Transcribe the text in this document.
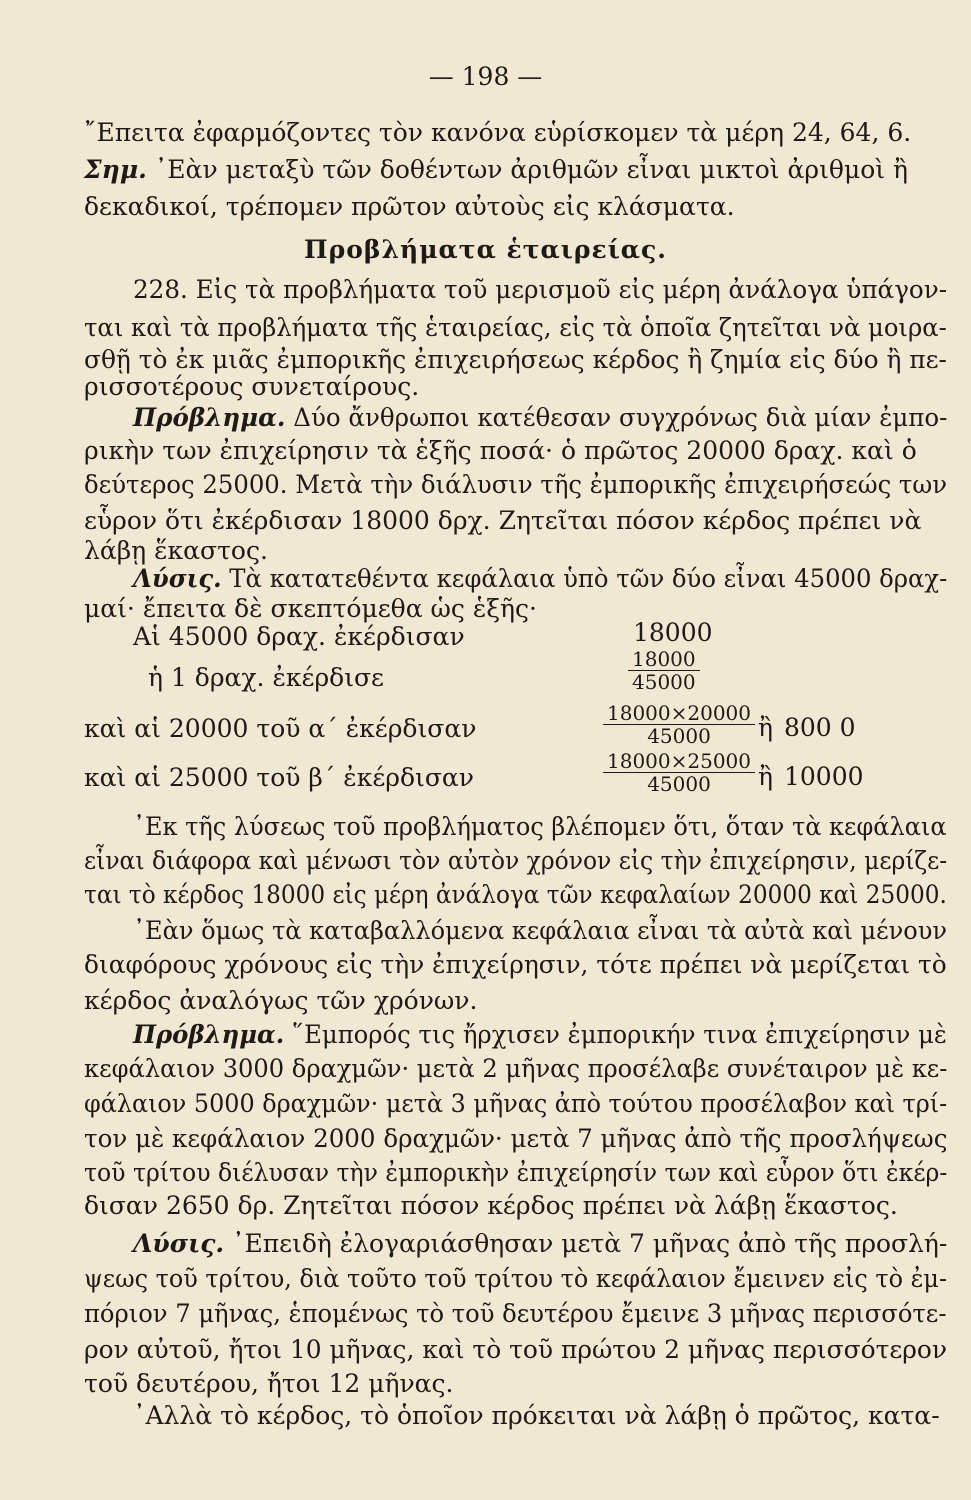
— 198 —
῎Επειτα ἐφαρμόζοντες τὸν κανόνα εὑρίσκομεν τὰ μέρη 24, 64, 6.
Σημ. ᾿Εὰν μεταξὺ τῶν δοθέντων ἀριθμῶν εἶναι μικτοὶ ἀριθμοὶ ἢ
δεκαδικοί, τρέπομεν πρῶτον αὐτοὺς εἰς κλάσματα.
Προβλήματα ἑταιρείας.
228. Εἰς τὰ προβλήματα τοῦ μερισμοῦ εἰς μέρη ἀνάλογα ὑπάγον-
ται καὶ τὰ προβλήματα τῆς ἑταιρείας, εἰς τὰ ὁποῖα ζητεῖται νὰ μοιρα-
σθῇ τὸ ἐκ μιᾶς ἐμπορικῆς ἐπιχειρήσεως κέρδος ἢ ζημία εἰς δύο ἢ πε-
ρισσοτέρους συνεταίρους.
Πρόβλημα. Δύο ἄνθρωποι κατέθεσαν συγχρόνως διὰ μίαν ἐμπο-
ρικὴν των ἐπιχείρησιν τὰ ἑξῆς ποσά· ὁ πρῶτος 20000 δραχ. καὶ ὁ
δεύτερος 25000. Μετὰ τὴν διάλυσιν τῆς ἐμπορικῆς ἐπιχειρήσεώς των
εὗρον ὅτι ἐκέρδισαν 18000 δρχ. Ζητεῖται πόσον κέρδος πρέπει νὰ
λάβῃ ἕκαστος.
Λύσις. Τὰ κατατεθέντα κεφάλαια ὑπὸ τῶν δύο εἶναι 45000 δραχ-
μαί· ἔπειτα δὲ σκεπτόμεθα ὡς ἑξῆς·
Αἱ 45000 δραχ. ἐκέρδισαν	18000
ἡ 1 δραχ. ἐκέρδισε	$\frac{18000}{45000}$
καὶ αἱ 20000 τοῦ α΄ ἐκέρδισαν	$\frac{18000\times 20000}{45000}$ ἢ 800 0
καὶ αἱ 25000 τοῦ β΄ ἐκέρδισαν	$\frac{18000\times 25000}{45000}$ ἢ 10000
᾿Εκ τῆς λύσεως τοῦ προβλήματος βλέπομεν ὅτι, ὅταν τὰ κεφάλαια
εἶναι διάφορα καὶ μένωσι τὸν αὐτὸν χρόνον εἰς τὴν ἐπιχείρησιν, μερίζε-
ται τὸ κέρδος 18000 εἰς μέρη ἀνάλογα τῶν κεφαλαίων 20000 καὶ 25000.
᾿Εὰν ὅμως τὰ καταβαλλόμενα κεφάλαια εἶναι τὰ αὐτὰ καὶ μένουν
διαφόρους χρόνους εἰς τὴν ἐπιχείρησιν, τότε πρέπει νὰ μερίζεται τὸ
κέρδος ἀναλόγως τῶν χρόνων.
Πρόβλημα. ῞Εμπορός τις ἤρχισεν ἐμπορικήν τινα ἐπιχείρησιν μὲ
κεφάλαιον 3000 δραχμῶν· μετὰ 2 μῆνας προσέλαβε συνέταιρον μὲ κε-
φάλαιον 5000 δραχμῶν· μετὰ 3 μῆνας ἀπὸ τούτου προσέλαβον καὶ τρί-
τον μὲ κεφάλαιον 2000 δραχμῶν· μετὰ 7 μῆνας ἀπὸ τῆς προσλήψεως
τοῦ τρίτου διέλυσαν τὴν ἐμπορικὴν ἐπιχείρησίν των καὶ εὗρον ὅτι ἐκέρ-
δισαν 2650 δρ. Ζητεῖται πόσον κέρδος πρέπει νὰ λάβῃ ἕκαστος.
Λύσις. ᾿Επειδὴ ἐλογαριάσθησαν μετὰ 7 μῆνας ἀπὸ τῆς προσλή-
ψεως τοῦ τρίτου, διὰ τοῦτο τοῦ τρίτου τὸ κεφάλαιον ἔμεινεν εἰς τὸ ἐμ-
πόριον 7 μῆνας, ἑπομένως τὸ τοῦ δευτέρου ἔμεινε 3 μῆνας περισσότε-
ρον αὐτοῦ, ἤτοι 10 μῆνας, καὶ τὸ τοῦ πρώτου 2 μῆνας περισσότερον
τοῦ δευτέρου, ἤτοι 12 μῆνας.
᾿Αλλὰ τὸ κέρδος, τὸ ὁποῖον πρόκειται νὰ λάβῃ ὁ πρῶτος, κατα-
